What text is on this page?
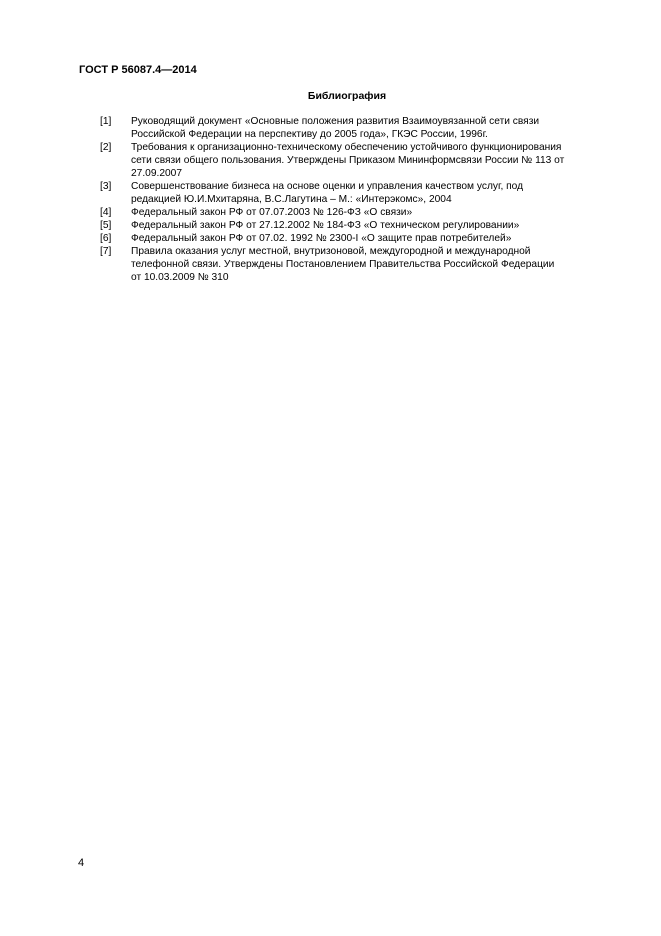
ГОСТ Р 56087.4—2014
Библиография
[1]	Руководящий документ «Основные положения развития Взаимоувязанной сети связи
Российской Федерации на перспективу до 2005 года», ГКЭС России, 1996г.
[2]	Требования к организационно-техническому обеспечению устойчивого функционирования
сети связи общего пользования. Утверждены Приказом Мининформсвязи России № 113 от
27.09.2007
[3]	Совершенствование бизнеса на основе оценки и управления качеством услуг, под
редакцией Ю.И.Мхитаряна, В.С.Лагутина – М.: «Интерэкомс», 2004
[4]	Федеральный закон РФ от 07.07.2003 № 126-ФЗ «О связи»
[5]	Федеральный закон РФ от 27.12.2002 № 184-ФЗ «О техническом регулировании»
[6]	Федеральный закон РФ от 07.02. 1992 № 2300-I «О защите прав потребителей»
[7]	Правила оказания услуг местной, внутризоновой, междугородной и международной
телефонной связи. Утверждены Постановлением Правительства Российской Федерации
от 10.03.2009 № 310
4
